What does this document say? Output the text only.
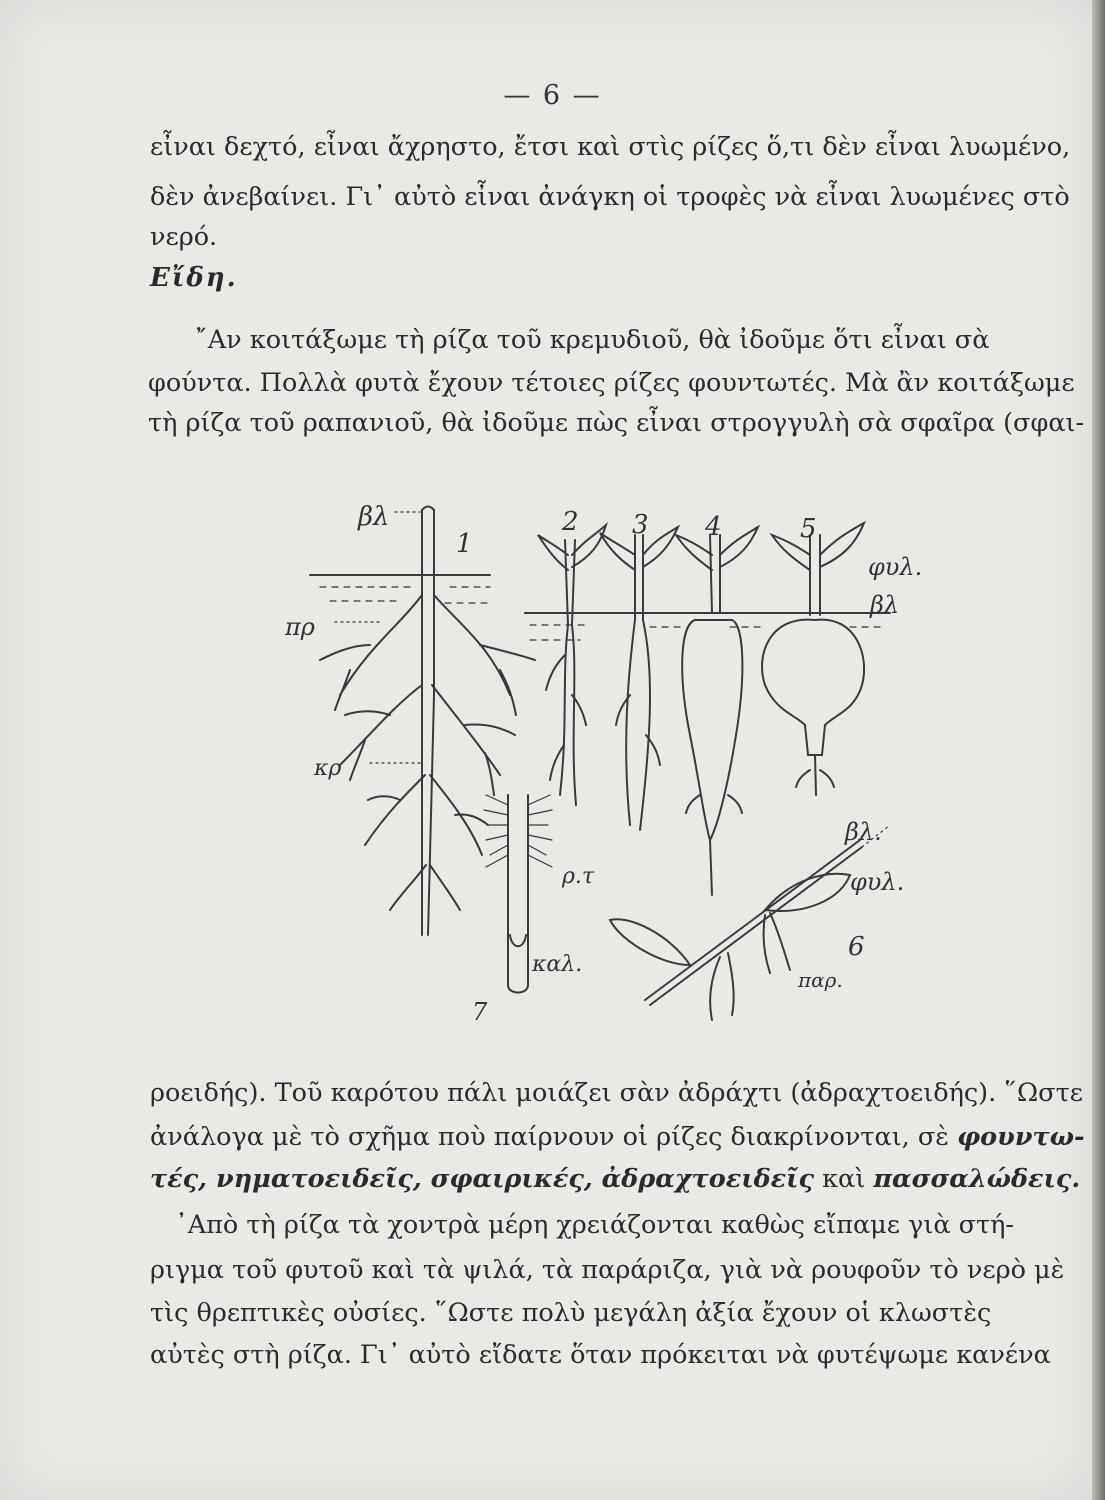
— 6 —
εἶναι δεχτό, εἶναι ἄχρηστο, ἔτσι καὶ στὶς ρίζες ὅ,τι δὲν εἶναι λυωμένο,
δὲν ἀνεβαίνει. Γι᾿ αὐτὸ εἶναι ἀνάγκη οἱ τροφὲς νὰ εἶναι λυωμένες στὸ
νερό.
Εἴδη.
῎Αν κοιτάξωμε τὴ ρίζα τοῦ κρεμυδιοῦ, θὰ ἰδοῦμε ὅτι εἶναι σὰ
φούντα. Πολλὰ φυτὰ ἔχουν τέτοιες ρίζες φουντωτές. Μὰ ἂν κοιτάξωμε
τὴ ρίζα τοῦ ραπανιοῦ, θὰ ἰδοῦμε πὼς εἶναι στρογγυλὴ σὰ σφαῖρα (σφαι-
βλ
1
πρ
κρ
2 3 4	5
φυλ.
βλ
ρ.τ
καλ.
7
βλ.
φυλ.
6
παρ.
ροειδής). Τοῦ καρότου πάλι μοιάζει σὰν ἀδράχτι (ἀδραχτοειδής). ῞Ωστε
ἀνάλογα μὲ τὸ σχῆμα ποὺ παίρνουν οἱ ρίζες διακρίνονται, σὲ φουντω-
τές, νηματοειδεῖς, σφαιρικές, ἀδραχτοειδεῖς καὶ πασσαλώδεις.
᾿Απὸ τὴ ρίζα τὰ χοντρὰ μέρη χρειάζονται καθὼς εἴπαμε γιὰ στή-
ριγμα τοῦ φυτοῦ καὶ τὰ ψιλά, τὰ παράριζα, γιὰ νὰ ρουφοῦν τὸ νερὸ μὲ
τὶς θρεπτικὲς οὐσίες. ῞Ωστε πολὺ μεγάλη ἀξία ἔχουν οἱ κλωστὲς
αὐτὲς στὴ ρίζα. Γι᾿ αὐτὸ εἴδατε ὅταν πρόκειται νὰ φυτέψωμε κανένα
